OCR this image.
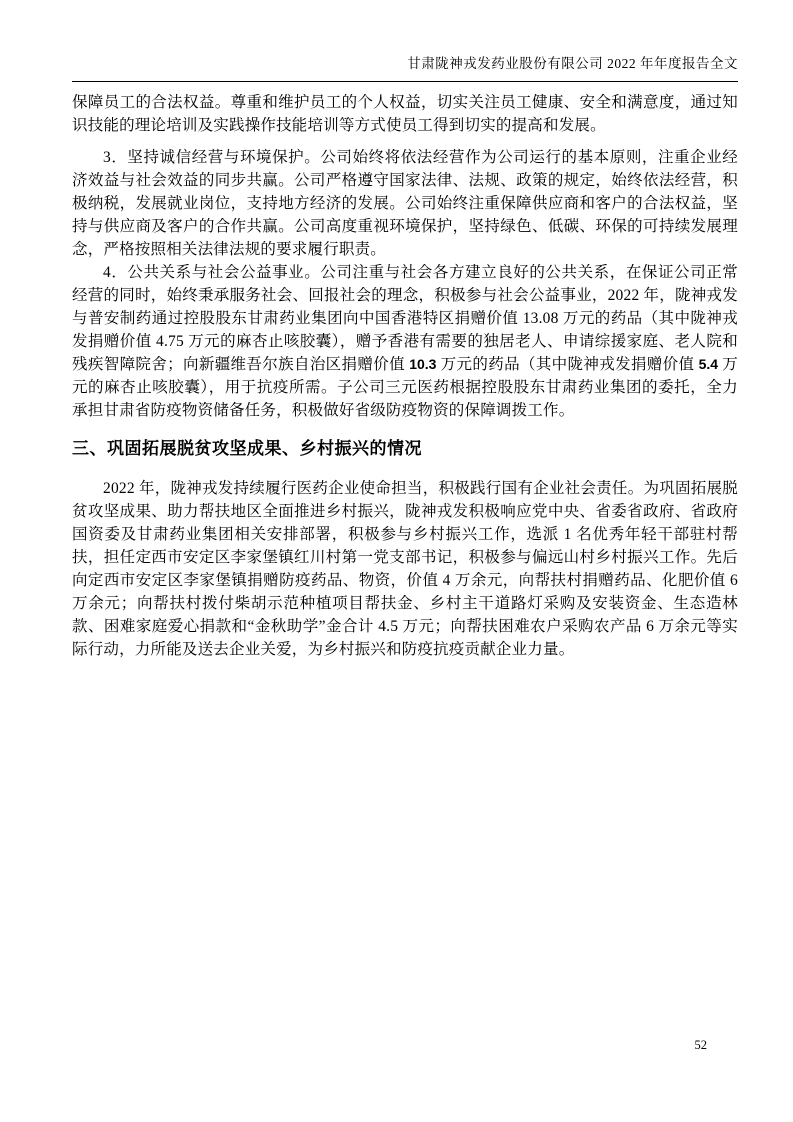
甘肃陇神戎发药业股份有限公司 2022 年年度报告全文

保障员工的合法权益。尊重和维护员工的个人权益，切实关注员工健康、安全和满意度，通过知识技能的理论培训及实践操作技能培训等方式使员工得到切实的提高和发展。

3．坚持诚信经营与环境保护。公司始终将依法经营作为公司运行的基本原则，注重企业经济效益与社会效益的同步共赢。公司严格遵守国家法律、法规、政策的规定，始终依法经营，积极纳税，发展就业岗位，支持地方经济的发展。公司始终注重保障供应商和客户的合法权益，坚持与供应商及客户的合作共赢。公司高度重视环境保护，坚持绿色、低碳、环保的可持续发展理念，严格按照相关法律法规的要求履行职责。

4．公共关系与社会公益事业。公司注重与社会各方建立良好的公共关系，在保证公司正常经营的同时，始终秉承服务社会、回报社会的理念，积极参与社会公益事业，2022 年，陇神戎发与普安制药通过控股股东甘肃药业集团向中国香港特区捐赠价值 13.08 万元的药品（其中陇神戎发捐赠价值 4.75 万元的麻杏止咳胶囊），赠予香港有需要的独居老人、申请综援家庭、老人院和残疾智障院舍；向新疆维吾尔族自治区捐赠价值 10.3 万元的药品（其中陇神戎发捐赠价值 5.4 万元的麻杏止咳胶囊），用于抗疫所需。子公司三元医药根据控股股东甘肃药业集团的委托，全力承担甘肃省防疫物资储备任务，积极做好省级防疫物资的保障调拨工作。

三、巩固拓展脱贫攻坚成果、乡村振兴的情况

2022 年，陇神戎发持续履行医药企业使命担当，积极践行国有企业社会责任。为巩固拓展脱贫攻坚成果、助力帮扶地区全面推进乡村振兴，陇神戎发积极响应党中央、省委省政府、省政府国资委及甘肃药业集团相关安排部署，积极参与乡村振兴工作，选派 1 名优秀年轻干部驻村帮扶，担任定西市安定区李家堡镇红川村第一党支部书记，积极参与偏远山村乡村振兴工作。先后向定西市安定区李家堡镇捐赠防疫药品、物资，价值 4 万余元，向帮扶村捐赠药品、化肥价值 6 万余元；向帮扶村拨付柴胡示范种植项目帮扶金、乡村主干道路灯采购及安装资金、生态造林款、困难家庭爱心捐款和“金秋助学”金合计 4.5 万元；向帮扶困难农户采购农产品 6 万余元等实际行动，力所能及送去企业关爱，为乡村振兴和防疫抗疫贡献企业力量。

52
